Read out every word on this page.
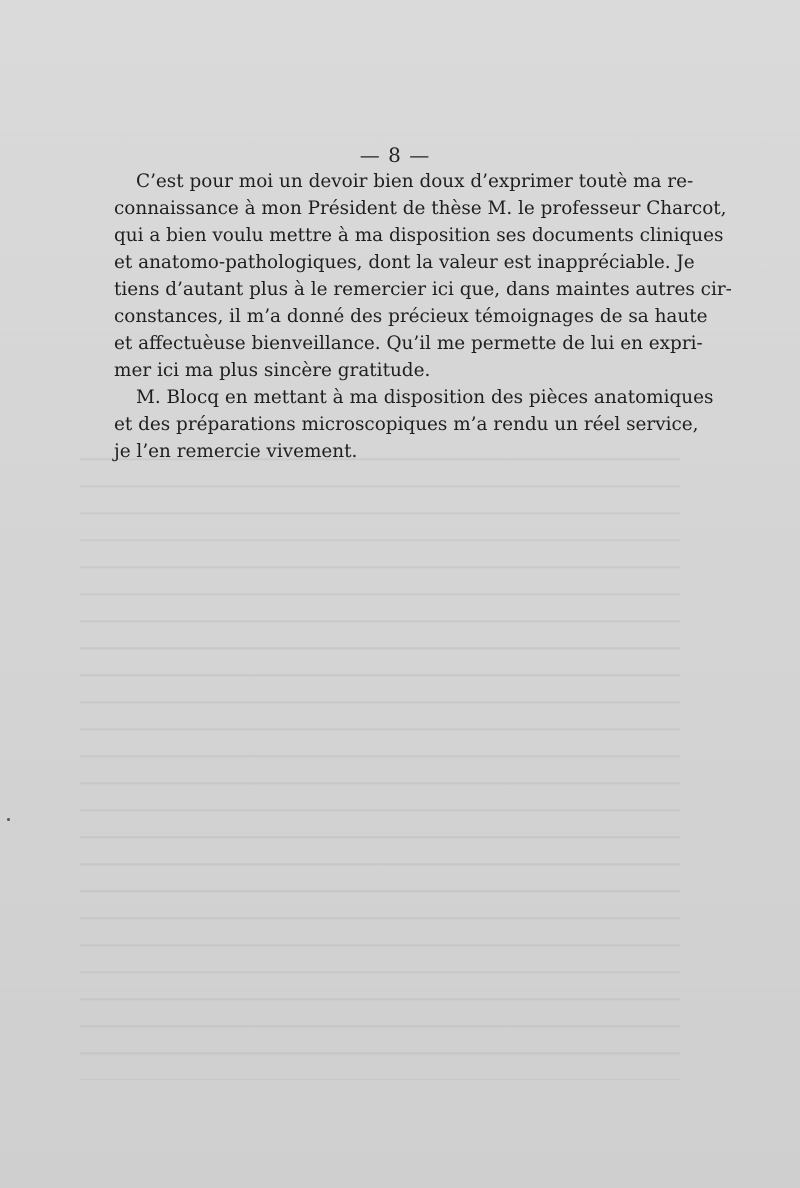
— 8 —

C’est pour moi un devoir bien doux d’exprimer toutè ma re-
connaissance à mon Président de thèse M. le professeur Charcot,
qui a bien voulu mettre à ma disposition ses documents cliniques
et anatomo-pathologiques, dont la valeur est inappréciable. Je
tiens d’autant plus à le remercier ici que, dans maintes autres cir-
constances, il m’a donné des précieux témoignages de sa haute
et affectuèuse bienveillance. Qu’il me permette de lui en expri-
mer ici ma plus sincère gratitude.

M. Blocq en mettant à ma disposition des pièces anatomiques
et des préparations microscopiques m’a rendu un réel service,
je l’en remercie vivement.
